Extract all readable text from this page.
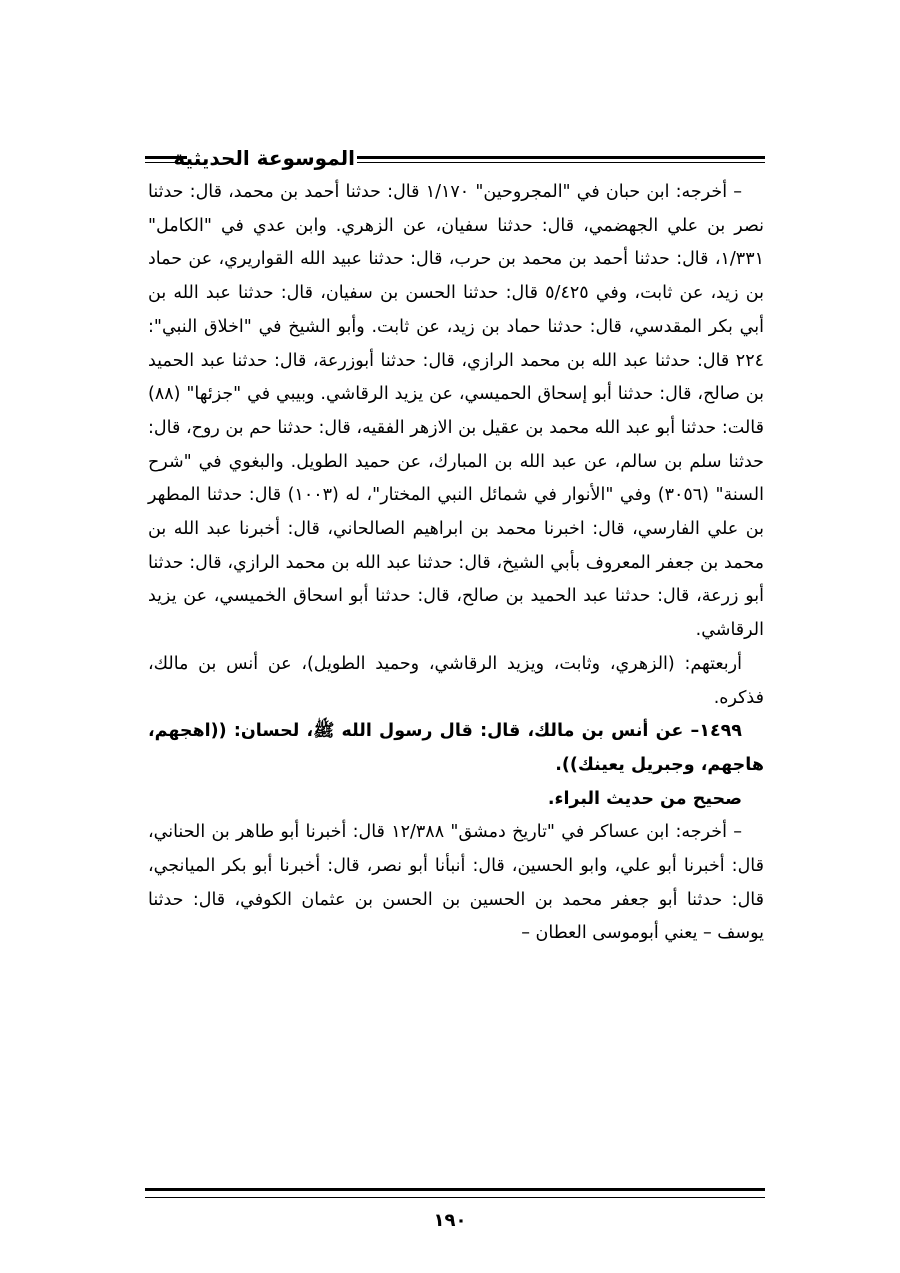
الموسوعة الحديثية

– أخرجه: ابن حبان في "المجروحين" ١/١٧٠ قال: حدثنا أحمد بن محمد، قال: حدثنا نصر بن علي الجهضمي، قال: حدثنا سفيان، عن الزهري. وابن عدي في "الكامل" ١/٣٣١، قال: حدثنا أحمد بن محمد بن حرب، قال: حدثنا عبيد الله القواريري، عن حماد بن زيد، عن ثابت، وفي ٥/٤٢٥ قال: حدثنا الحسن بن سفيان، قال: حدثنا عبد الله بن أبي بكر المقدسي، قال: حدثنا حماد بن زيد، عن ثابت. وأبو الشيخ في "اخلاق النبي": ٢٢٤ قال: حدثنا عبد الله بن محمد الرازي، قال: حدثنا أبوزرعة، قال: حدثنا عبد الحميد بن صالح، قال: حدثنا أبو إسحاق الحميسي، عن يزيد الرقاشي. وبيبي في "جزئها" (٨٨) قالت: حدثنا أبو عبد الله محمد بن عقيل بن الازهر الفقيه، قال: حدثنا حم بن روح، قال: حدثنا سلم بن سالم، عن عبد الله بن المبارك، عن حميد الطويل. والبغوي في "شرح السنة" (٣٠٥٦) وفي "الأنوار في شمائل النبي المختار"، له (١٠٠٣) قال: حدثنا المطهر بن علي الفارسي، قال: اخبرنا محمد بن ابراهيم الصالحاني، قال: أخبرنا عبد الله بن محمد بن جعفر المعروف بأبي الشيخ، قال: حدثنا عبد الله بن محمد الرازي، قال: حدثنا أبو زرعة، قال: حدثنا عبد الحميد بن صالح، قال: حدثنا أبو اسحاق الخميسي، عن يزيد الرقاشي.

أربعتهم: (الزهري، وثابت، ويزيد الرقاشي، وحميد الطويل)، عن أنس بن مالك، فذكره.

١٤٩٩– عن أنس بن مالك، قال: قال رسول الله ﷺ، لحسان: ((اهجهم، هاجهم، وجبريل يعينك)).

صحيح من حديث البراء.

– أخرجه: ابن عساكر في "تاريخ دمشق" ١٢/٣٨٨ قال: أخبرنا أبو طاهر بن الحناني، قال: أخبرنا أبو علي، وابو الحسين، قال: أنبأنا أبو نصر، قال: أخبرنا أبو بكر الميانجي، قال: حدثنا أبو جعفر محمد بن الحسين بن الحسن بن عثمان الكوفي، قال: حدثنا يوسف – يعني أبوموسى العطان –

١٩٠
